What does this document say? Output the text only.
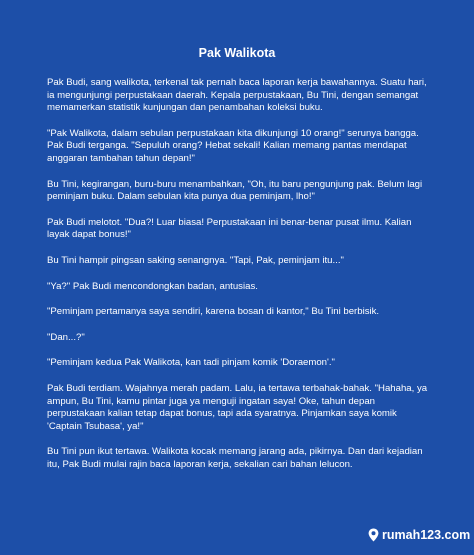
Pak Walikota

Pak Budi, sang walikota, terkenal tak pernah baca laporan kerja bawahannya. Suatu hari, ia mengunjungi perpustakaan daerah. Kepala perpustakaan, Bu Tini, dengan semangat memamerkan statistik kunjungan dan penambahan koleksi buku.

"Pak Walikota, dalam sebulan perpustakaan kita dikunjungi 10 orang!" serunya bangga.

Pak Budi terganga. "Sepuluh orang? Hebat sekali! Kalian memang pantas mendapat anggaran tambahan tahun depan!"

Bu Tini, kegirangan, buru-buru menambahkan, "Oh, itu baru pengunjung pak. Belum lagi peminjam buku. Dalam sebulan kita punya dua peminjam, lho!"

Pak Budi melotot. "Dua?! Luar biasa! Perpustakaan ini benar-benar pusat ilmu. Kalian layak dapat bonus!"

Bu Tini hampir pingsan saking senangnya. "Tapi, Pak, peminjam itu..."

"Ya?" Pak Budi mencondongkan badan, antusias.

"Peminjam pertamanya saya sendiri, karena bosan di kantor," Bu Tini berbisik.

"Dan...?"

"Peminjam kedua Pak Walikota, kan tadi pinjam komik 'Doraemon'."

Pak Budi terdiam. Wajahnya merah padam. Lalu, ia tertawa terbahak-bahak. "Hahaha, ya ampun, Bu Tini, kamu pintar juga ya menguji ingatan saya! Oke, tahun depan perpustakaan kalian tetap dapat bonus, tapi ada syaratnya. Pinjamkan saya komik 'Captain Tsubasa', ya!"

Bu Tini pun ikut tertawa. Walikota kocak memang jarang ada, pikirnya. Dan dari kejadian itu, Pak Budi mulai rajin baca laporan kerja, sekalian cari bahan lelucon.

rumah123.com
